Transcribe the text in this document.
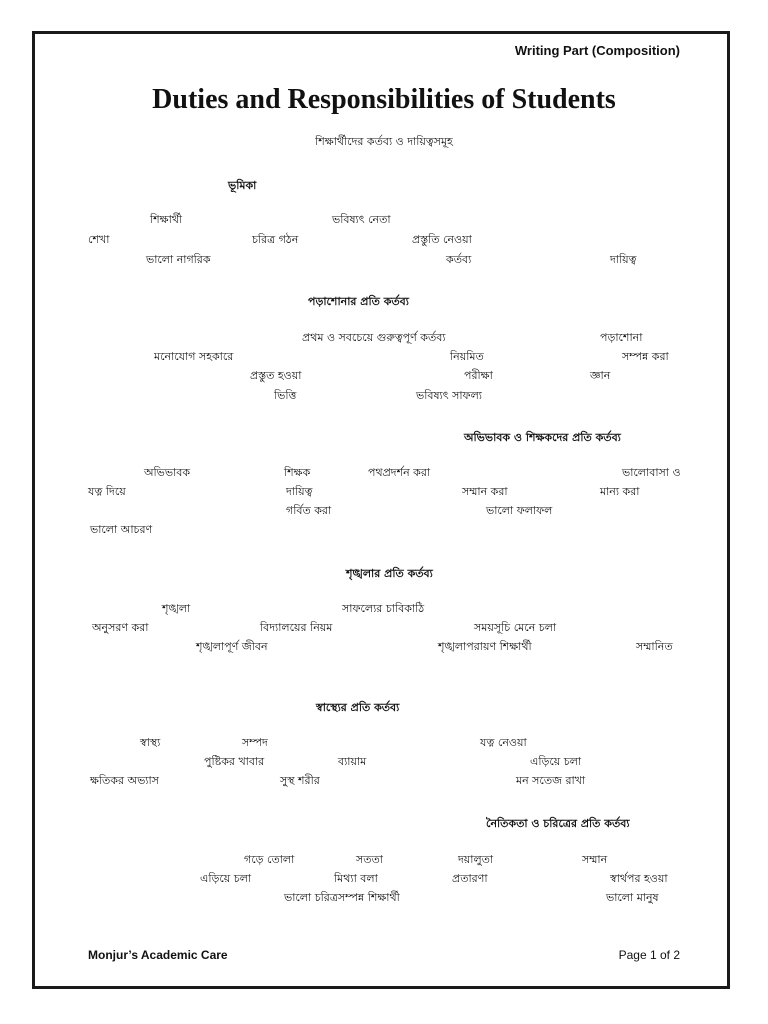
Writing Part (Composition)
Duties and Responsibilities of Students
শিক্ষার্থীদের কর্তব্য ও দায়িত্বসমূহ
ভূমিকা
শিক্ষার্থী	ভবিষ্যৎ নেতা
শেখা	চরিত্র গঠন	প্রস্তুতি নেওয়া
ভালো নাগরিক	কর্তব্য	দায়িত্ব
পড়াশোনার প্রতি কর্তব্য
প্রথম ও সবচেয়ে গুরুত্বপূর্ণ কর্তব্য	পড়াশোনা
মনোযোগ সহকারে	নিয়মিত	সম্পন্ন করা
প্রস্তুত হওয়া	পরীক্ষা	জ্ঞান
ভিত্তি	ভবিষ্যৎ সাফল্য
অভিভাবক ও শিক্ষকদের প্রতি কর্তব্য
অভিভাবক	শিক্ষক	পথপ্রদর্শন করা	ভালোবাসা ও
যত্ন দিয়ে	দায়িত্ব	সম্মান করা	মান্য করা
গর্বিত করা	ভালো ফলাফল
ভালো আচরণ
শৃঙ্খলার প্রতি কর্তব্য
শৃঙ্খলা	সাফল্যের চাবিকাঠি
অনুসরণ করা	বিদ্যালয়ের নিয়ম	সময়সূচি মেনে চলা
শৃঙ্খলাপূর্ণ জীবন	শৃঙ্খলাপরায়ণ শিক্ষার্থী	সম্মানিত
স্বাস্থ্যের প্রতি কর্তব্য
স্বাস্থ্য	সম্পদ	যত্ন নেওয়া
পুষ্টিকর খাবার	ব্যায়াম	এড়িয়ে চলা
ক্ষতিকর অভ্যাস	সুস্থ শরীর	মন সতেজ রাখা
নৈতিকতা ও চরিত্রের প্রতি কর্তব্য
গড়ে তোলা	সততা	দয়ালুতা	সম্মান
এড়িয়ে চলা	মিথ্যা বলা	প্রতারণা	স্বার্থপর হওয়া
ভালো চরিত্রসম্পন্ন শিক্ষার্থী	ভালো মানুষ
Monjur’s Academic Care	Page 1 of 2
